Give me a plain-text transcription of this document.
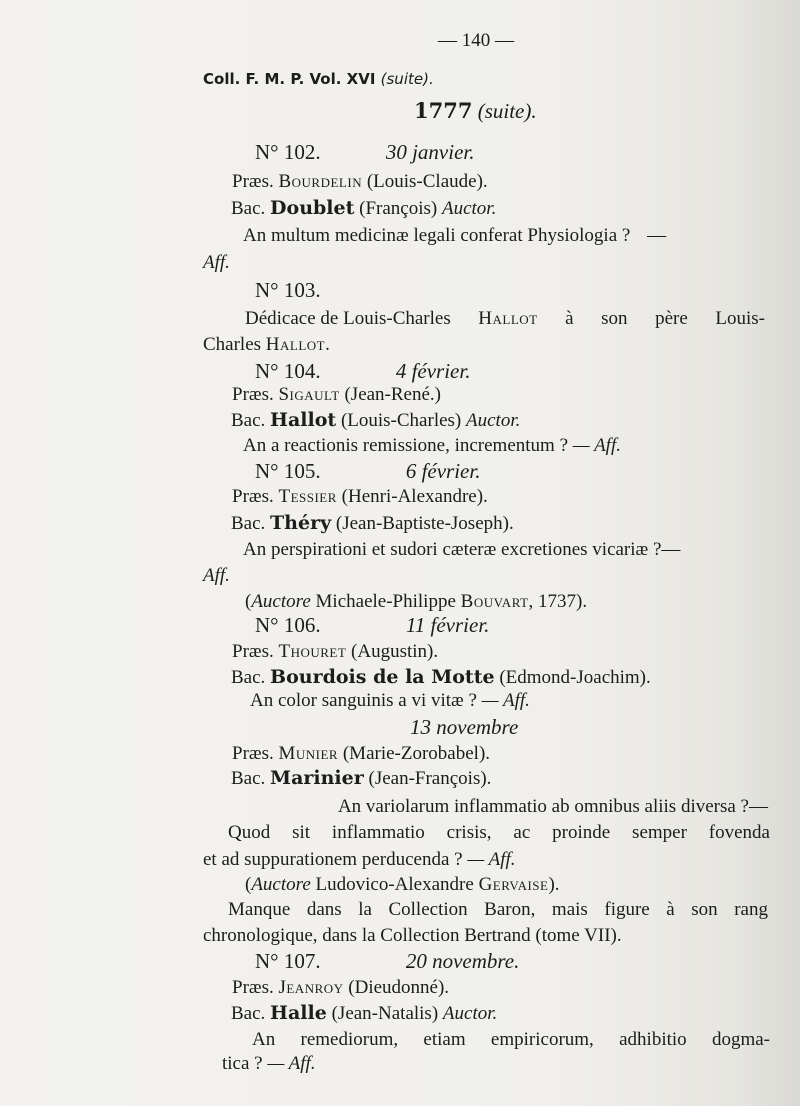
— 140 —
Coll. F. M. P. Vol. XVI (suite).
1777 (suite).
N° 102.	30 janvier.
Præs. Bourdelin (Louis-Claude).
Bac. Doublet (François) Auctor.
An multum medicinæ legali conferat Physiologia ? —
Aff.
N° 103.
Dédicace de Louis-Charles Hallot à son père Louis-
Charles Hallot.
N° 104.	4 février.
Præs. Sigault (Jean-René.)
Bac. Hallot (Louis-Charles) Auctor.
An a reactionis remissione, incrementum ? — Aff.
N° 105.	6 février.
Præs. Tessier (Henri-Alexandre).
Bac. Théry (Jean-Baptiste-Joseph).
An perspirationi et sudori cæteræ excretiones vicariæ ?—
Aff.
(Auctore Michaele-Philippe Bouvart, 1737).
N° 106.	11 février.
Præs. Thouret (Augustin).
Bac. Bourdois de la Motte (Edmond-Joachim).
An color sanguinis a vi vitæ ? — Aff.
13 novembre
Præs. Munier (Marie-Zorobabel).
Bac. Marinier (Jean-François).
An variolarum inflammatio ab omnibus aliis diversa ?—
Quod sit inflammatio crisis, ac proinde semper fovenda
et ad suppurationem perducenda ? — Aff.
(Auctore Ludovico-Alexandre Gervaise).
Manque dans la Collection Baron, mais figure à son rang
chronologique, dans la Collection Bertrand (tome VII).
N° 107.	20 novembre.
Præs. Jeanroy (Dieudonné).
Bac. Halle (Jean-Natalis) Auctor.
An remediorum, etiam empiricorum, adhibitio dogma-
tica ? — Aff.
